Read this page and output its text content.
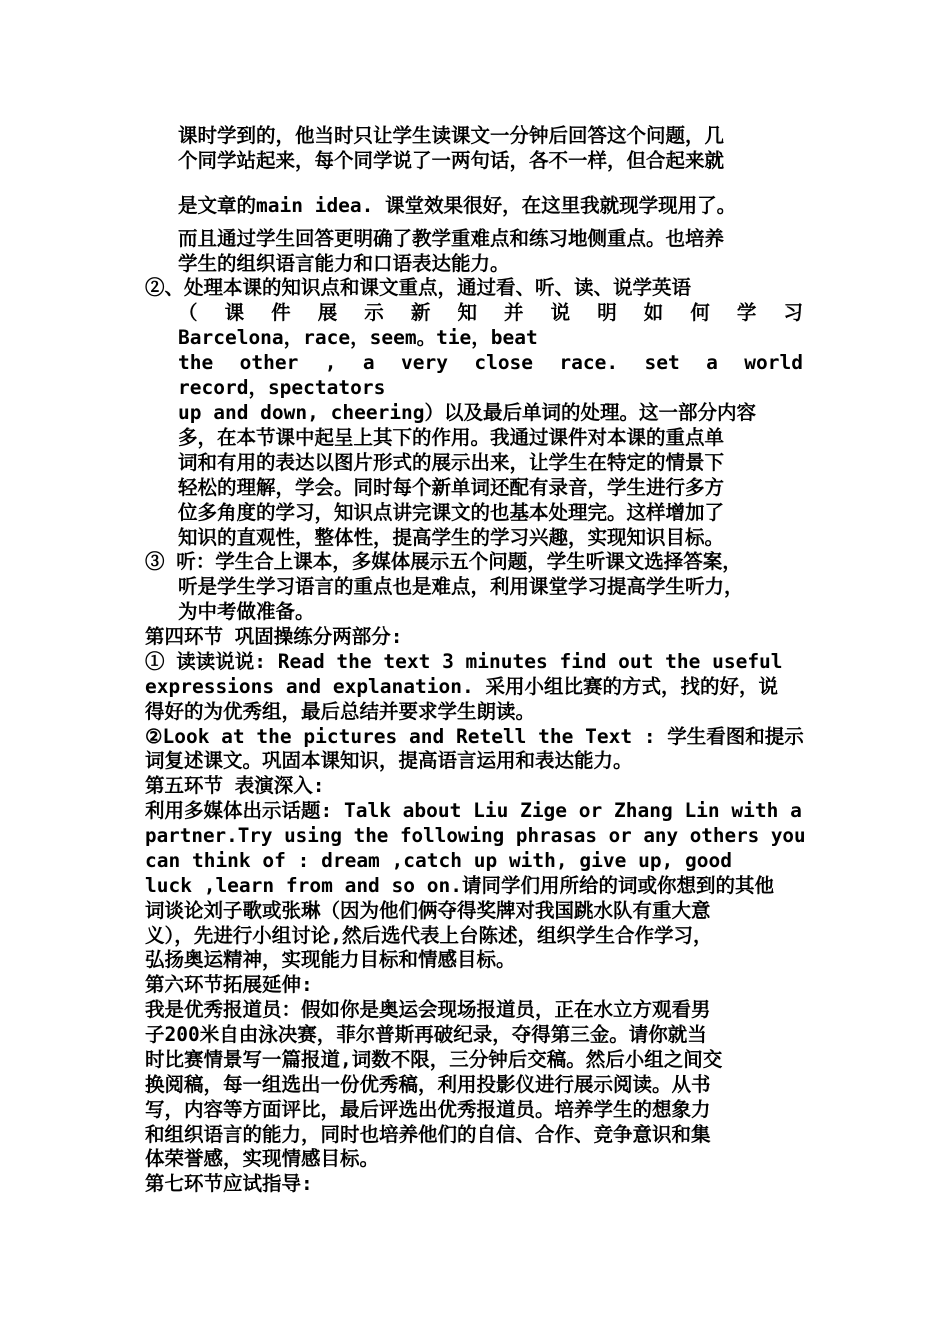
课时学到的，他当时只让学生读课文一分钟后回答这个问题，几
个同学站起来，每个同学说了一两句话，各不一样，但合起来就
是文章的main idea. 课堂效果很好，在这里我就现学现用了。
而且通过学生回答更明确了教学重难点和练习地侧重点。也培养
学生的组织语言能力和口语表达能力。
②、处理本课的知识点和课文重点，通过看、听、读、说学英语
（ 课 件 展 示 新 知 并 说 明 如 何 学 习
Barcelona，race，seem。tie，beat
the other , a very close race. set a world
record，spectators
up and down, cheering）以及最后单词的处理。这一部分内容
多，在本节课中起呈上其下的作用。我通过课件对本课的重点单
词和有用的表达以图片形式的展示出来，让学生在特定的情景下
轻松的理解，学会。同时每个新单词还配有录音，学生进行多方
位多角度的学习，知识点讲完课文的也基本处理完。这样增加了
知识的直观性，整体性，提高学生的学习兴趣，实现知识目标。
③ 听：学生合上课本，多媒体展示五个问题，学生听课文选择答案，
听是学生学习语言的重点也是难点，利用课堂学习提高学生听力，
为中考做准备。
第四环节 巩固操练分两部分:
① 读读说说: Read the text 3 minutes find out the useful
expressions and explanation. 采用小组比赛的方式，找的好，说
得好的为优秀组，最后总结并要求学生朗读。
②Look at the pictures and Retell the Text : 学生看图和提示
词复述课文。巩固本课知识，提高语言运用和表达能力。
第五环节 表演深入:
利用多媒体出示话题: Talk about Liu Zige or Zhang Lin with a
partner.Try using the following phrasas or any others you
can think of : dream ,catch up with, give up, good
luck ,learn from and so on.请同学们用所给的词或你想到的其他
词谈论刘子歌或张琳（因为他们俩夺得奖牌对我国跳水队有重大意
义），先进行小组讨论,然后选代表上台陈述，组织学生合作学习，
弘扬奥运精神，实现能力目标和情感目标。
第六环节拓展延伸:
我是优秀报道员：假如你是奥运会现场报道员，正在水立方观看男
子200米自由泳决赛，菲尔普斯再破纪录，夺得第三金。请你就当
时比赛情景写一篇报道,词数不限，三分钟后交稿。然后小组之间交
换阅稿，每一组选出一份优秀稿，利用投影仪进行展示阅读。从书
写，内容等方面评比，最后评选出优秀报道员。培养学生的想象力
和组织语言的能力，同时也培养他们的自信、合作、竞争意识和集
体荣誉感，实现情感目标。
第七环节应试指导:
